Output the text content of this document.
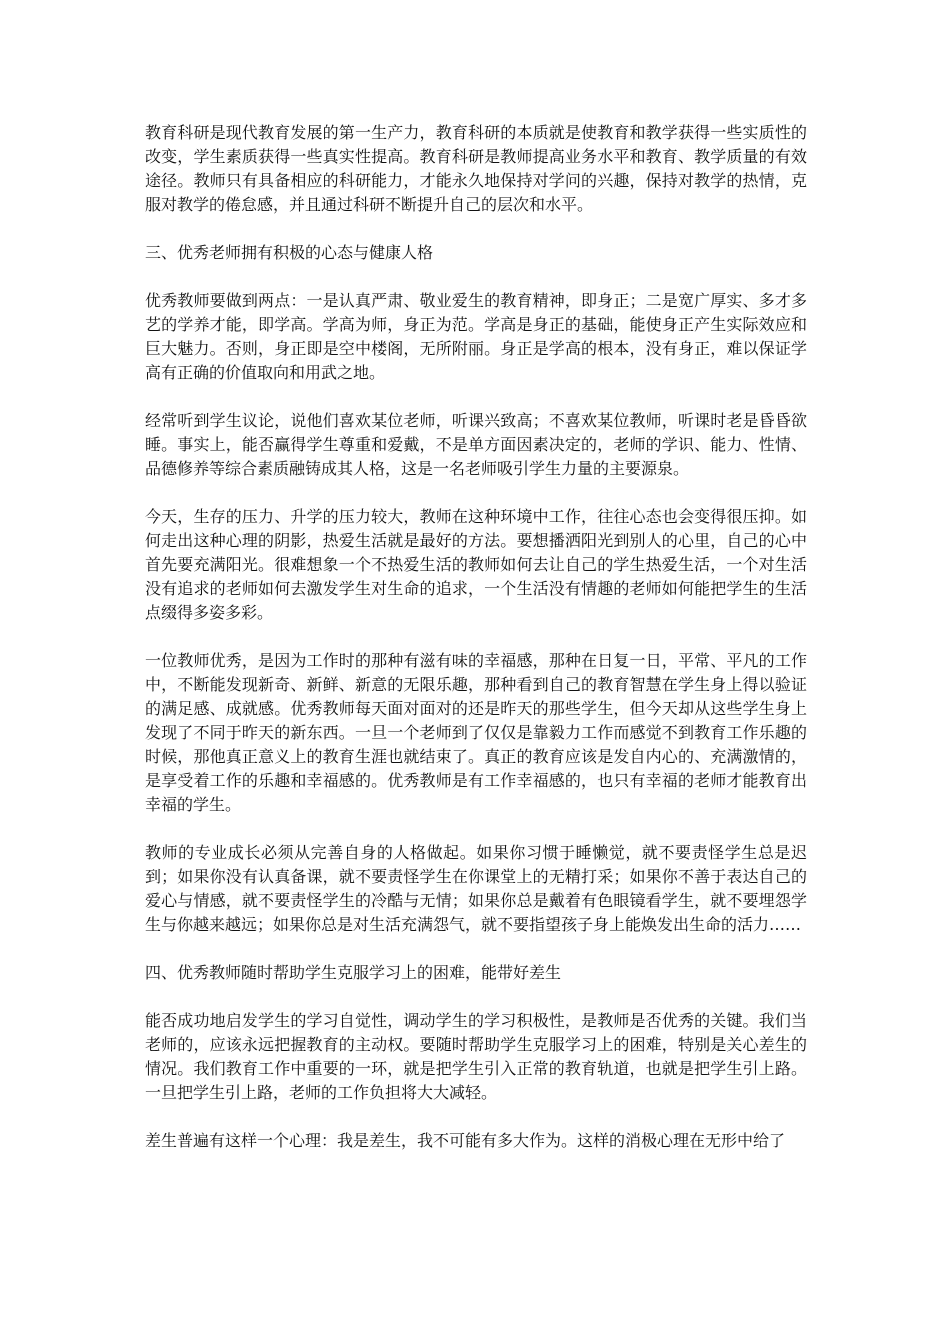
教育科研是现代教育发展的第一生产力，教育科研的本质就是使教育和教学获得一些实质性的改变，学生素质获得一些真实性提高。教育科研是教师提高业务水平和教育、教学质量的有效途径。教师只有具备相应的科研能力，才能永久地保持对学问的兴趣，保持对教学的热情，克服对教学的倦怠感，并且通过科研不断提升自己的层次和水平。

三、优秀老师拥有积极的心态与健康人格

优秀教师要做到两点：一是认真严肃、敬业爱生的教育精神，即身正；二是宽广厚实、多才多艺的学养才能，即学高。学高为师，身正为范。学高是身正的基础，能使身正产生实际效应和巨大魅力。否则，身正即是空中楼阁，无所附丽。身正是学高的根本，没有身正，难以保证学高有正确的价值取向和用武之地。

经常听到学生议论，说他们喜欢某位老师，听课兴致高；不喜欢某位教师，听课时老是昏昏欲睡。事实上，能否赢得学生尊重和爱戴，不是单方面因素决定的，老师的学识、能力、性情、品德修养等综合素质融铸成其人格，这是一名老师吸引学生力量的主要源泉。

今天，生存的压力、升学的压力较大，教师在这种环境中工作，往往心态也会变得很压抑。如何走出这种心理的阴影，热爱生活就是最好的方法。要想播洒阳光到别人的心里，自己的心中首先要充满阳光。很难想象一个不热爱生活的教师如何去让自己的学生热爱生活，一个对生活没有追求的老师如何去激发学生对生命的追求，一个生活没有情趣的老师如何能把学生的生活点缀得多姿多彩。

一位教师优秀，是因为工作时的那种有滋有味的幸福感，那种在日复一日，平常、平凡的工作中，不断能发现新奇、新鲜、新意的无限乐趣，那种看到自己的教育智慧在学生身上得以验证的满足感、成就感。优秀教师每天面对面对的还是昨天的那些学生，但今天却从这些学生身上发现了不同于昨天的新东西。一旦一个老师到了仅仅是靠毅力工作而感觉不到教育工作乐趣的时候，那他真正意义上的教育生涯也就结束了。真正的教育应该是发自内心的、充满激情的，是享受着工作的乐趣和幸福感的。优秀教师是有工作幸福感的，也只有幸福的老师才能教育出幸福的学生。

教师的专业成长必须从完善自身的人格做起。如果你习惯于睡懒觉，就不要责怪学生总是迟到；如果你没有认真备课，就不要责怪学生在你课堂上的无精打采；如果你不善于表达自己的爱心与情感，就不要责怪学生的冷酷与无情；如果你总是戴着有色眼镜看学生，就不要埋怨学生与你越来越远；如果你总是对生活充满怨气，就不要指望孩子身上能焕发出生命的活力……

四、优秀教师随时帮助学生克服学习上的困难，能带好差生

能否成功地启发学生的学习自觉性，调动学生的学习积极性，是教师是否优秀的关键。我们当老师的，应该永远把握教育的主动权。要随时帮助学生克服学习上的困难，特别是关心差生的情况。我们教育工作中重要的一环，就是把学生引入正常的教育轨道，也就是把学生引上路。一旦把学生引上路，老师的工作负担将大大减轻。

差生普遍有这样一个心理：我是差生，我不可能有多大作为。这样的消极心理在无形中给了
